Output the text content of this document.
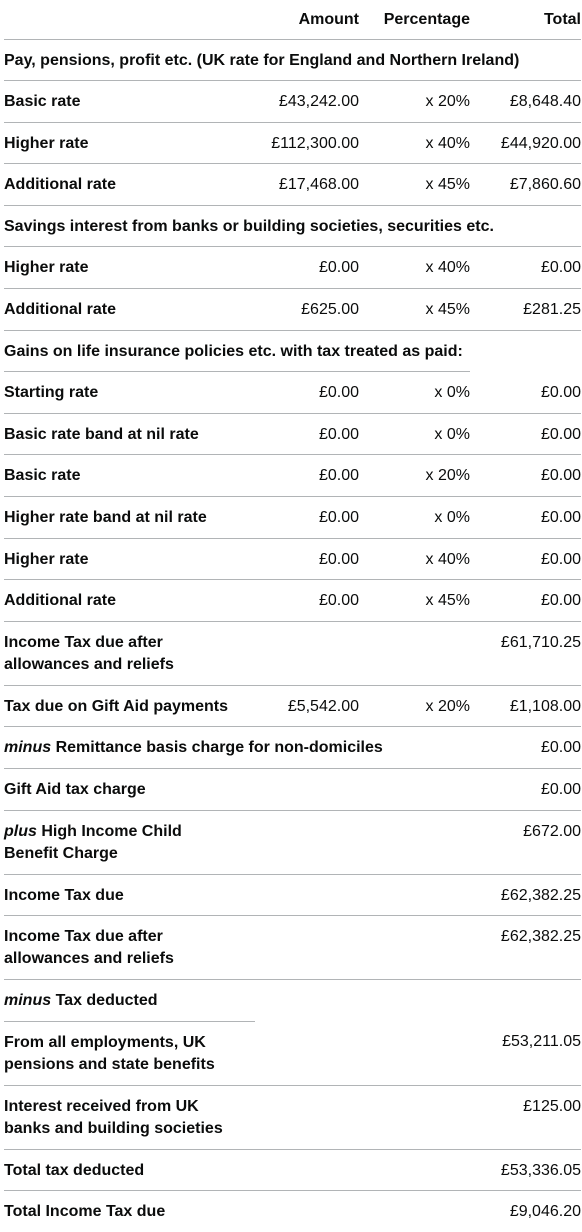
	Amount	Percentage	Total
Pay, pensions, profit etc. (UK rate for England and Northern Ireland)			
Basic rate	£43,242.00	x 20%	£8,648.40
Higher rate	£112,300.00	x 40%	£44,920.00
Additional rate	£17,468.00	x 45%	£7,860.60
Savings interest from banks or building societies, securities etc.			
Higher rate	£0.00	x 40%	£0.00
Additional rate	£625.00	x 45%	£281.25
Gains on life insurance policies etc. with tax treated as paid:			
Starting rate	£0.00	x 0%	£0.00
Basic rate band at nil rate	£0.00	x 0%	£0.00
Basic rate	£0.00	x 20%	£0.00
Higher rate band at nil rate	£0.00	x 0%	£0.00
Higher rate	£0.00	x 40%	£0.00
Additional rate	£0.00	x 45%	£0.00
Income Tax due after
allowances and reliefs			£61,710.25
Tax due on Gift Aid payments	£5,542.00	x 20%	£1,108.00
minus Remittance basis charge for non-domiciles			£0.00
Gift Aid tax charge			£0.00
plus High Income Child
Benefit Charge			£672.00
Income Tax due			£62,382.25
Income Tax due after
allowances and reliefs			£62,382.25
minus Tax deducted			
From all employments, UK
pensions and state benefits			£53,211.05
Interest received from UK
banks and building societies			£125.00
Total tax deducted			£53,336.05
Total Income Tax due			£9,046.20
